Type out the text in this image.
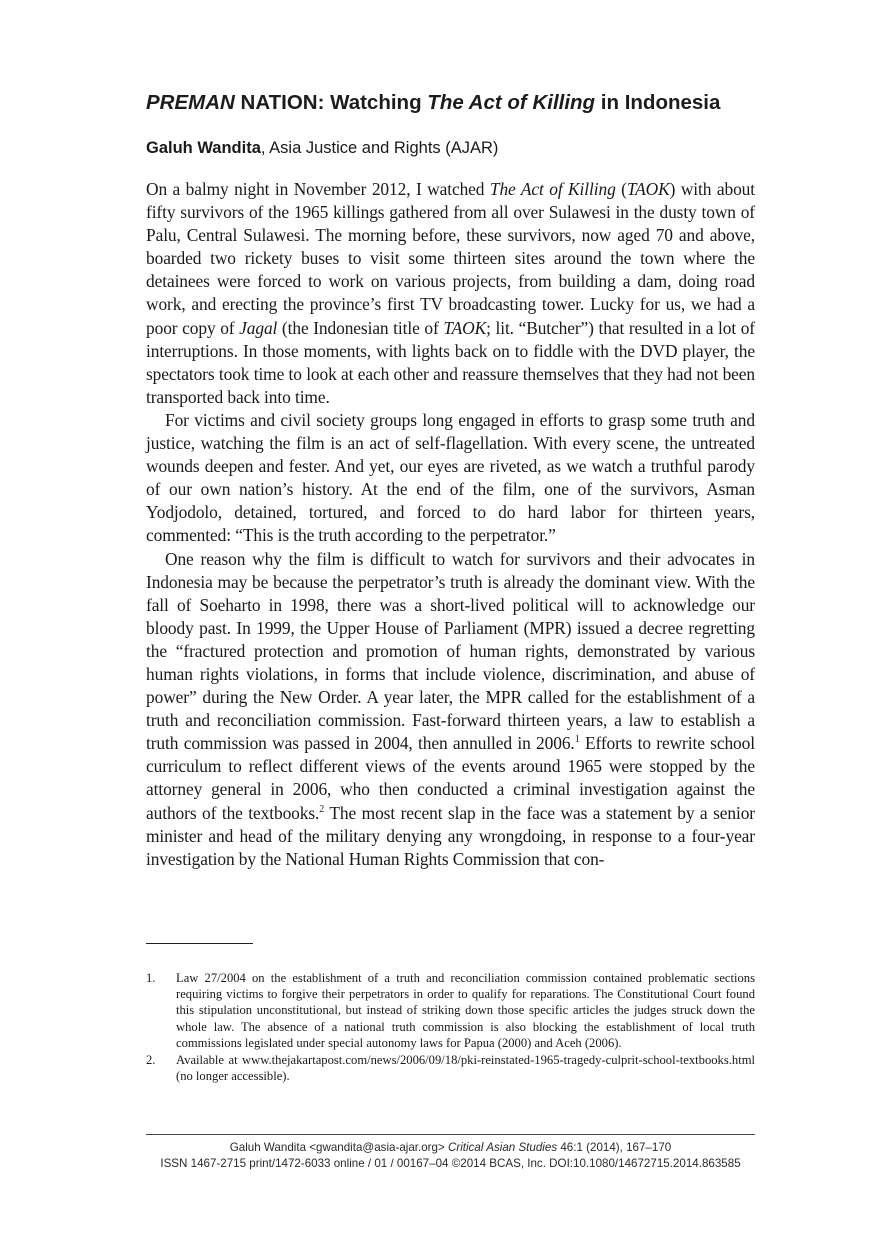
PREMAN NATION: Watching The Act of Killing in Indonesia

Galuh Wandita, Asia Justice and Rights (AJAR)

On a balmy night in November 2012, I watched The Act of Killing (TAOK) with about fifty survivors of the 1965 killings gathered from all over Sulawesi in the dusty town of Palu, Central Sulawesi. The morning before, these survivors, now aged 70 and above, boarded two rickety buses to visit some thirteen sites around the town where the detainees were forced to work on various projects, from building a dam, doing road work, and erecting the province’s first TV broadcasting tower. Lucky for us, we had a poor copy of Jagal (the Indonesian title of TAOK; lit. “Butcher”) that resulted in a lot of interruptions. In those moments, with lights back on to fiddle with the DVD player, the spectators took time to look at each other and reassure themselves that they had not been transported back into time.

For victims and civil society groups long engaged in efforts to grasp some truth and justice, watching the film is an act of self-flagellation. With every scene, the untreated wounds deepen and fester. And yet, our eyes are riveted, as we watch a truthful parody of our own nation’s history. At the end of the film, one of the survivors, Asman Yodjodolo, detained, tortured, and forced to do hard labor for thirteen years, commented: “This is the truth according to the perpetrator.”

One reason why the film is difficult to watch for survivors and their advocates in Indonesia may be because the perpetrator’s truth is already the dominant view. With the fall of Soeharto in 1998, there was a short-lived political will to acknowledge our bloody past. In 1999, the Upper House of Parliament (MPR) issued a decree regretting the “fractured protection and promotion of human rights, demonstrated by various human rights violations, in forms that include violence, discrimination, and abuse of power” during the New Order. A year later, the MPR called for the establishment of a truth and reconciliation commission. Fast-forward thirteen years, a law to establish a truth commission was passed in 2004, then annulled in 2006.$^1$ Efforts to rewrite school curriculum to reflect different views of the events around 1965 were stopped by the attorney general in 2006, who then conducted a criminal investigation against the authors of the textbooks.$^2$ The most recent slap in the face was a statement by a senior minister and head of the military denying any wrongdoing, in response to a four-year investigation by the National Human Rights Commission that con-

1. Law 27/2004 on the establishment of a truth and reconciliation commission contained problematic sections requiring victims to forgive their perpetrators in order to qualify for reparations. The Constitutional Court found this stipulation unconstitutional, but instead of striking down those specific articles the judges struck down the whole law. The absence of a national truth commission is also blocking the establishment of local truth commissions legislated under special autonomy laws for Papua (2000) and Aceh (2006).
2. Available at www.thejakartapost.com/news/2006/09/18/pki-reinstated-1965-tragedy-culprit-school-textbooks.html (no longer accessible).
Galuh Wandita <gwandita@asia-ajar.org> Critical Asian Studies 46:1 (2014), 167–170
ISSN 1467-2715 print/1472-6033 online / 01 / 00167–04 ©2014 BCAS, Inc. DOI:10.1080/14672715.2014.863585
